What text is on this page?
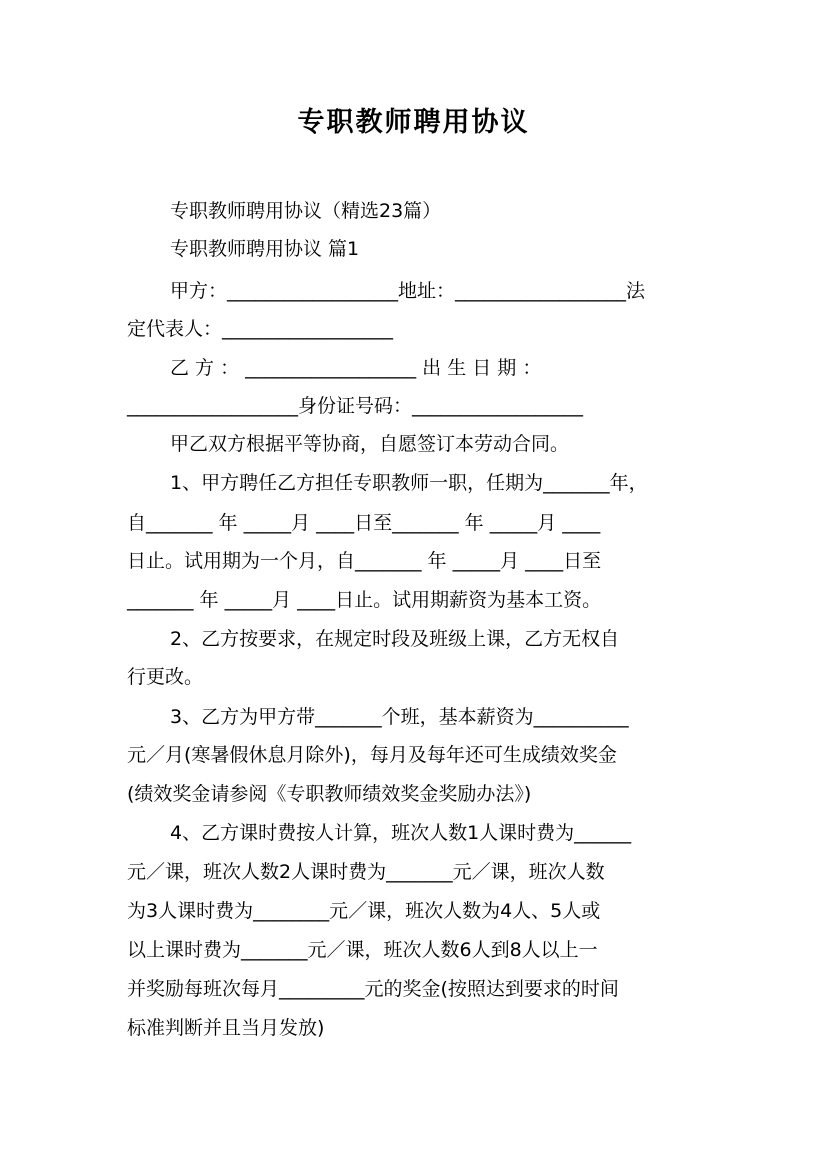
专职教师聘用协议
专职教师聘用协议（精选23篇）
专职教师聘用协议 篇1
甲方：__________________地址：__________________法
定代表人：__________________
乙 方 ： __________________ 出 生 日 期 ：
__________________身份证号码：__________________
甲乙双方根据平等协商，自愿签订本劳动合同。
1、甲方聘任乙方担任专职教师一职，任期为_______年，
自_______ 年 _____月 ____日至_______ 年 _____月 ____
日止。试用期为一个月，自_______ 年 _____月 ____日至
_______ 年 _____月 ____日止。试用期薪资为基本工资。
2、乙方按要求，在规定时段及班级上课，乙方无权自
行更改。
3、乙方为甲方带_______个班，基本薪资为__________
元／月(寒暑假休息月除外)，每月及每年还可生成绩效奖金
(绩效奖金请参阅《专职教师绩效奖金奖励办法》)
4、乙方课时费按人计算，班次人数1人课时费为______
元／课，班次人数2人课时费为_______元／课，班次人数
为3人课时费为________元／课，班次人数为4人、5人或
以上课时费为_______元／课，班次人数6人到8人以上一
并奖励每班次每月_________元的奖金(按照达到要求的时间
标准判断并且当月发放)
